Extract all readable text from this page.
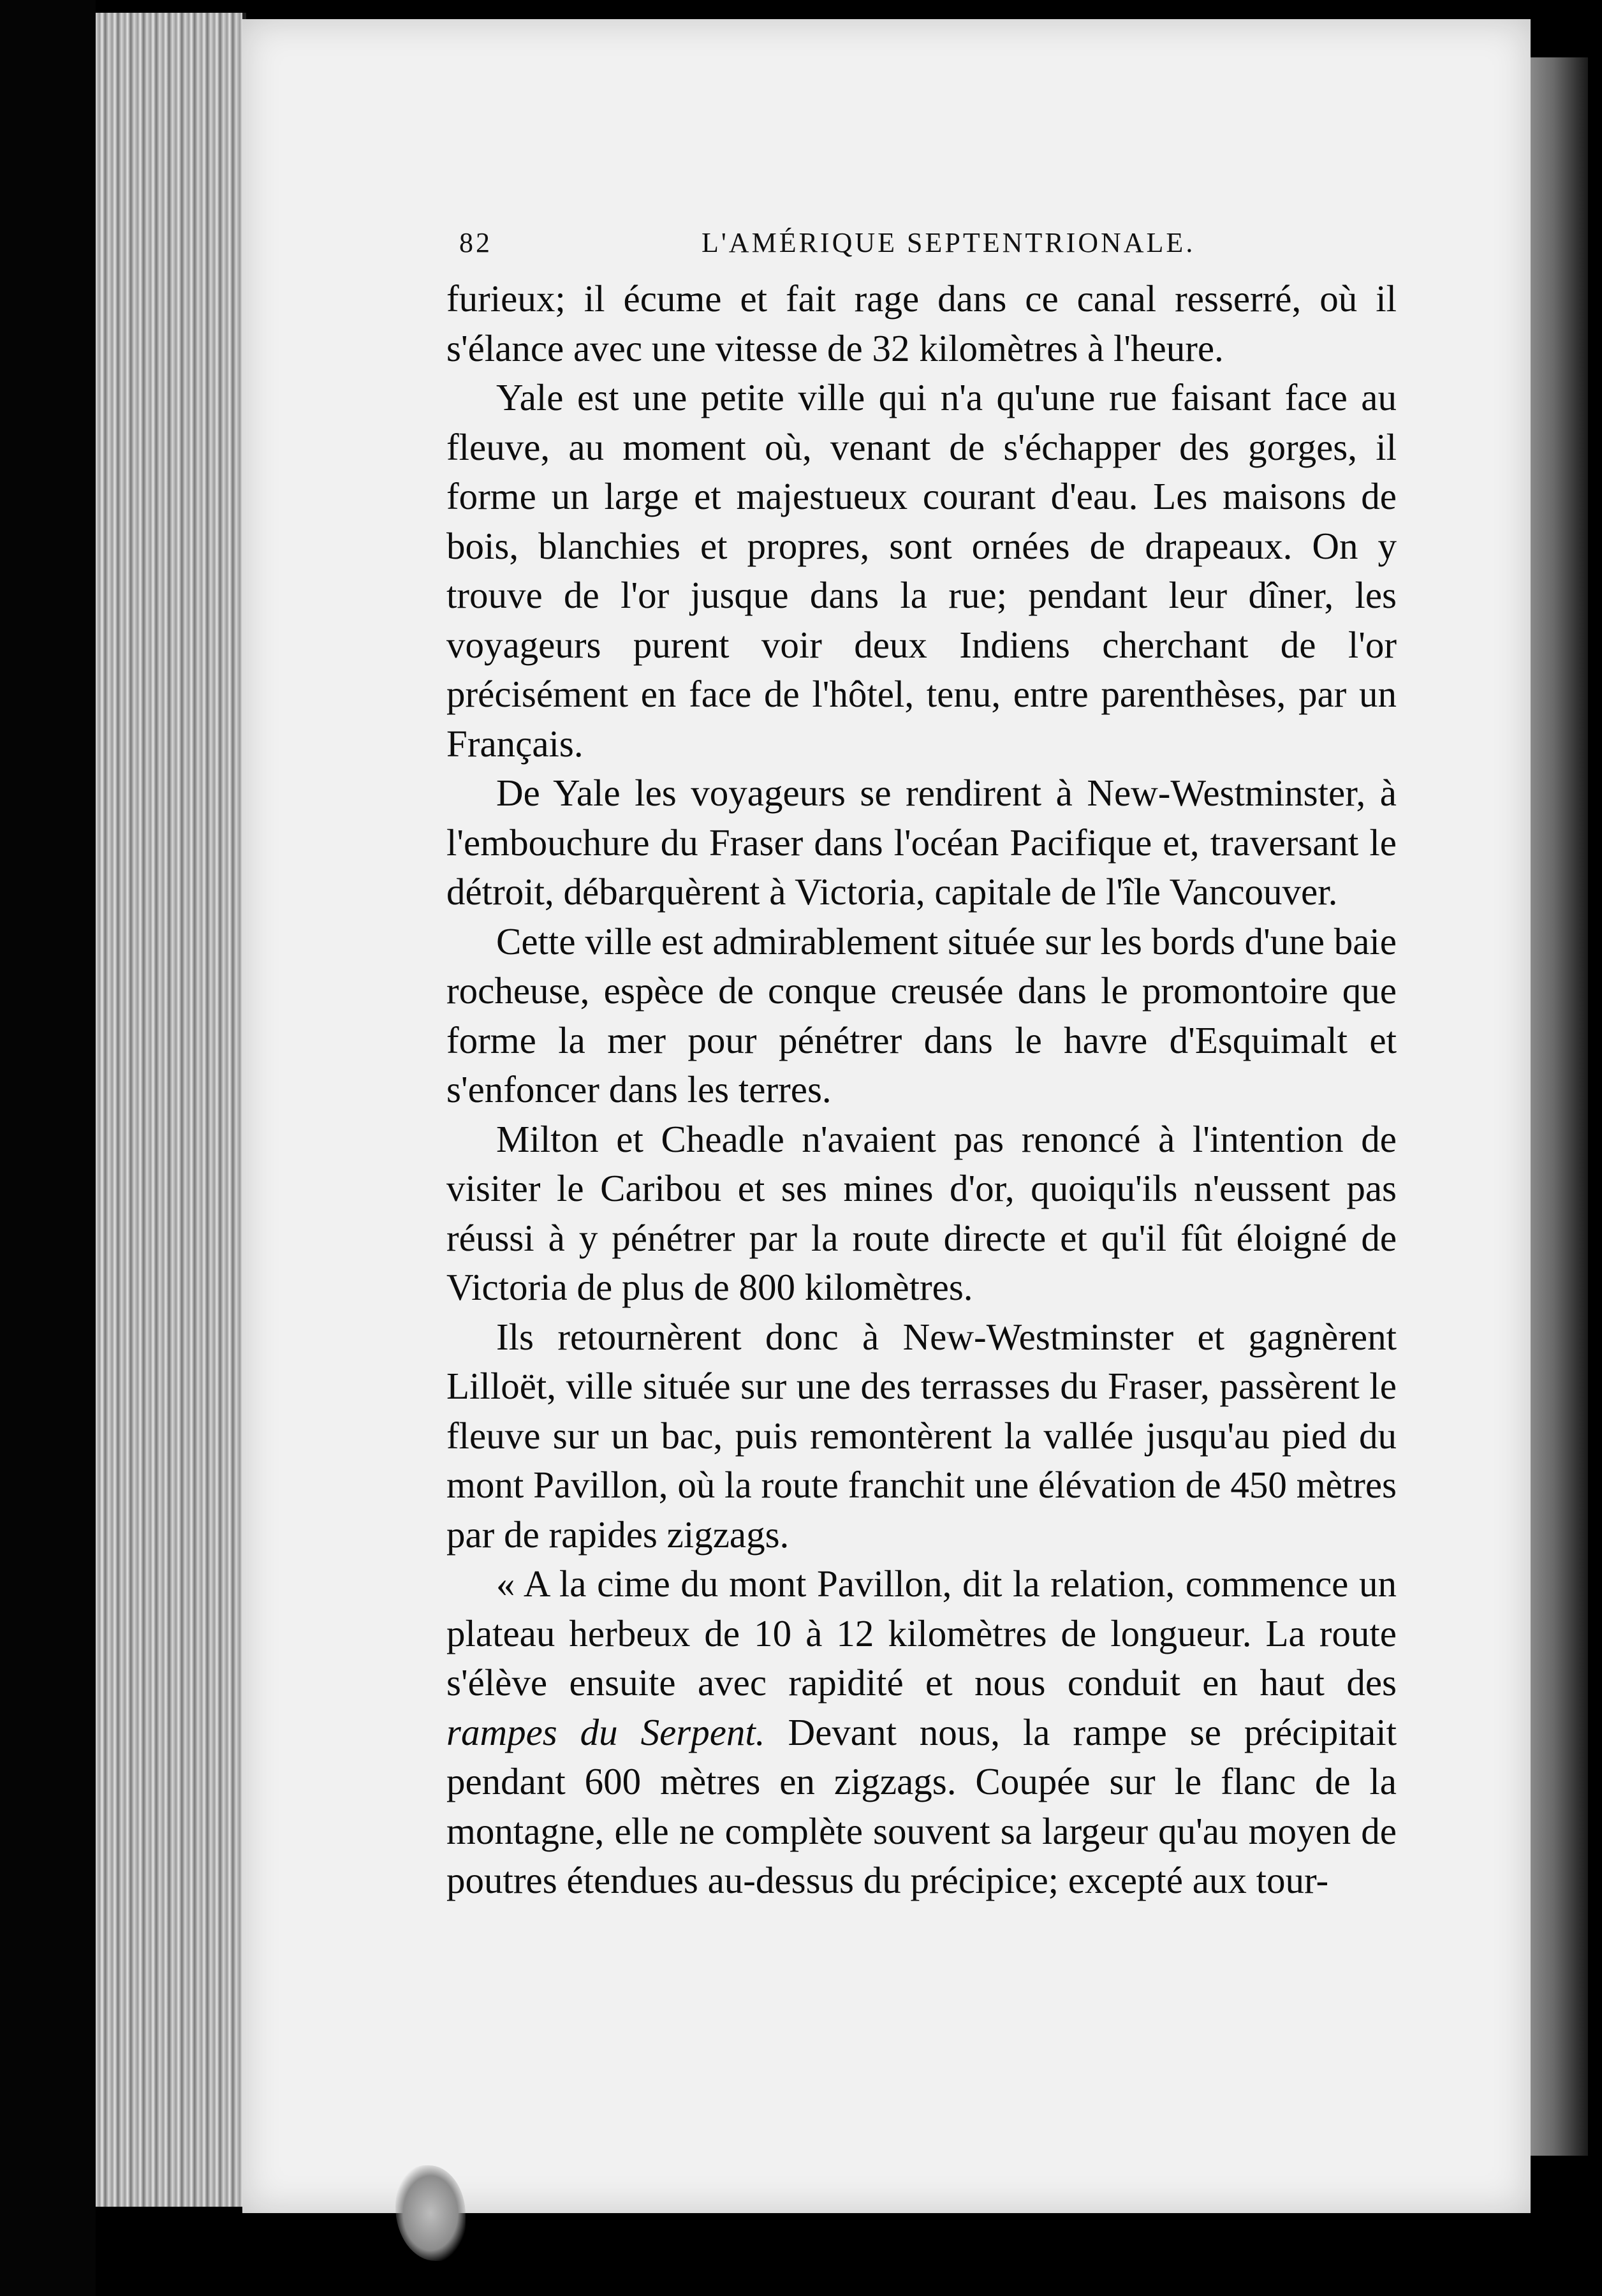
82	L'AMÉRIQUE SEPTENTRIONALE.

furieux; il écume et fait rage dans ce canal resserré, où il s'élance avec une vitesse de 32 kilomètres à l'heure.

Yale est une petite ville qui n'a qu'une rue faisant face au fleuve, au moment où, venant de s'échapper des gorges, il forme un large et majestueux courant d'eau. Les maisons de bois, blanchies et propres, sont ornées de drapeaux. On y trouve de l'or jusque dans la rue; pendant leur dîner, les voyageurs purent voir deux Indiens cherchant de l'or précisément en face de l'hôtel, tenu, entre parenthèses, par un Français.

De Yale les voyageurs se rendirent à New-Westminster, à l'embouchure du Fraser dans l'océan Pacifique et, traversant le détroit, débarquèrent à Victoria, capitale de l'île Vancouver.

Cette ville est admirablement située sur les bords d'une baie rocheuse, espèce de conque creusée dans le promontoire que forme la mer pour pénétrer dans le havre d'Esquimalt et s'enfoncer dans les terres.

Milton et Cheadle n'avaient pas renoncé à l'intention de visiter le Caribou et ses mines d'or, quoiqu'ils n'eussent pas réussi à y pénétrer par la route directe et qu'il fût éloigné de Victoria de plus de 800 kilomètres.

Ils retournèrent donc à New-Westminster et gagnèrent Lilloët, ville située sur une des terrasses du Fraser, passèrent le fleuve sur un bac, puis remontèrent la vallée jusqu'au pied du mont Pavillon, où la route franchit une élévation de 450 mètres par de rapides zigzags.

« A la cime du mont Pavillon, dit la relation, commence un plateau herbeux de 10 à 12 kilomètres de longueur. La route s'élève ensuite avec rapidité et nous conduit en haut des rampes du Serpent. Devant nous, la rampe se précipitait pendant 600 mètres en zigzags. Coupée sur le flanc de la montagne, elle ne complète souvent sa largeur qu'au moyen de poutres étendues au-dessus du précipice; excepté aux tour-
